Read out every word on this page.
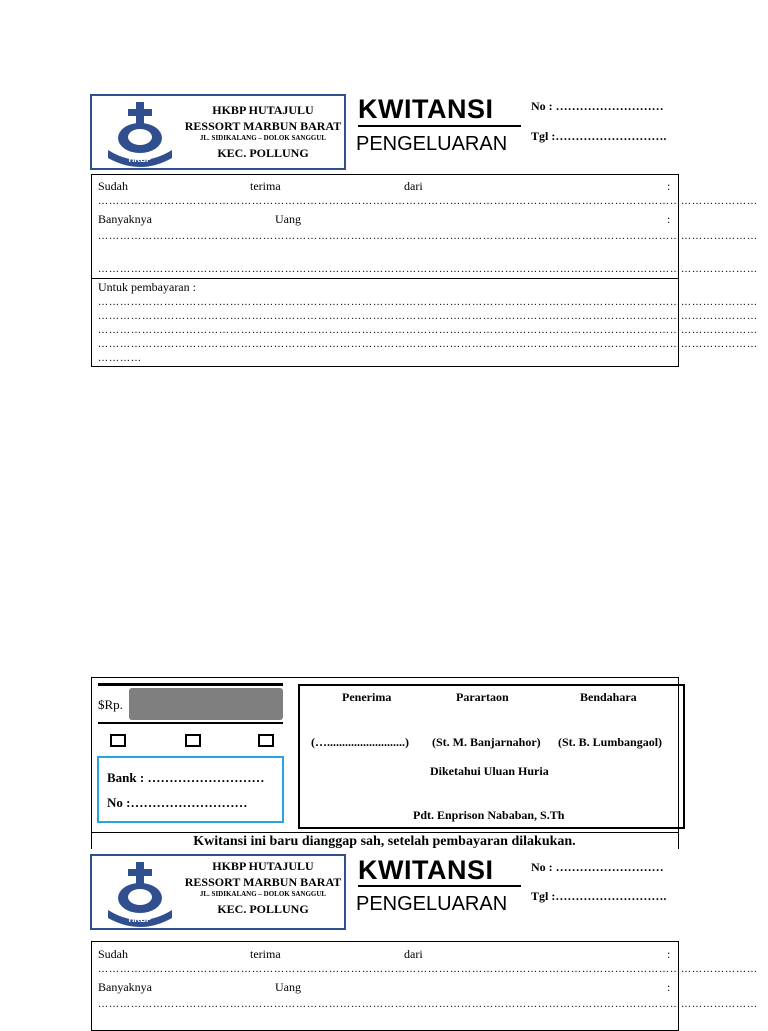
HKBP
HKBP HUTAJULU
RESSORT MARBUN BARAT
JL. SIDIKALANG – DOLOK SANGGUL
KEC. POLLUNG
KWITANSI
PENGELUARAN
No : ………………………
Tgl :……………………….
Sudah	terima	dari	:
………………………………………………………………………………………………………………………………………………………………
Banyaknya	Uang	:
………………………………………………………………………………………………………………………………………………………………
………………………………………………………………………………………………………………………………………………………………
Untuk pembayaran :
………………………………………………………………………………………………………………………………………………………………
………………………………………………………………………………………………………………………………………………………………
………………………………………………………………………………………………………………………………………………………………
………………………………………………………………………………………………………………………………………………………………
…………
$Rp.
Bank : ………………………
No :………………………
Penerima	Parartaon	Bendahara
(…..........................) (St. M. Banjarnahor) (St. B. Lumbangaol)
Diketahui Uluan Huria
Pdt. Enprison Nababan, S.Th
Kwitansi ini baru dianggap sah, setelah pembayaran dilakukan.
HKBP
HKBP HUTAJULU
RESSORT MARBUN BARAT
JL. SIDIKALANG – DOLOK SANGGUL
KEC. POLLUNG
KWITANSI
PENGELUARAN
No : ………………………
Tgl :……………………….
Sudah	terima	dari	:
………………………………………………………………………………………………………………………………………………………………
Banyaknya	Uang	:
………………………………………………………………………………………………………………………………………………………………
